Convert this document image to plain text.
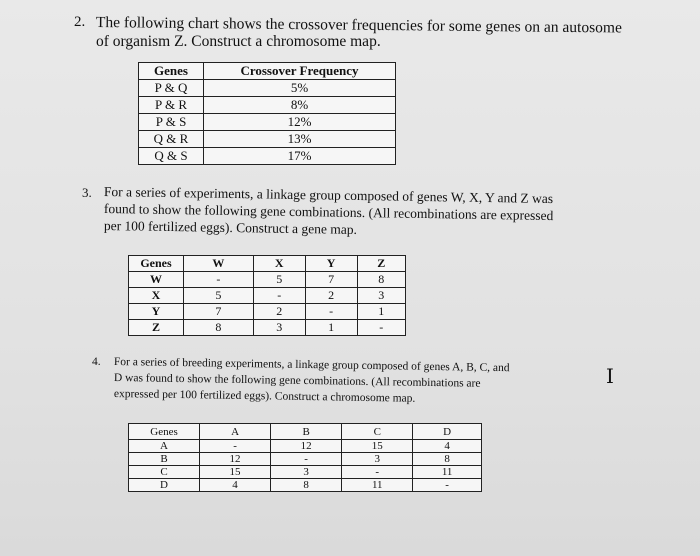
2. The following chart shows the crossover frequencies for some genes on an autosome
of organism Z. Construct a chromosome map.
Genes	Crossover Frequency
P & Q	5%
P & R	8%
P & S	12%
Q & R	13%
Q & S	17%
3. For a series of experiments, a linkage group composed of genes W, X, Y and Z was
found to show the following gene combinations. (All recombinations are expressed
per 100 fertilized eggs). Construct a gene map.
Genes	W	X	Y	Z
W	-	5	7	8
X	5	-	2	3
Y	7	2	-	1
Z	8	3	1	-
4. For a series of breeding experiments, a linkage group composed of genes A, B, C, and
D was found to show the following gene combinations. (All recombinations are
expressed per 100 fertilized eggs). Construct a chromosome map.
I
Genes	A	B	C	D
A	-	12	15	4
B	12	-	3	8
C	15	3	-	11
D	4	8	11	-
